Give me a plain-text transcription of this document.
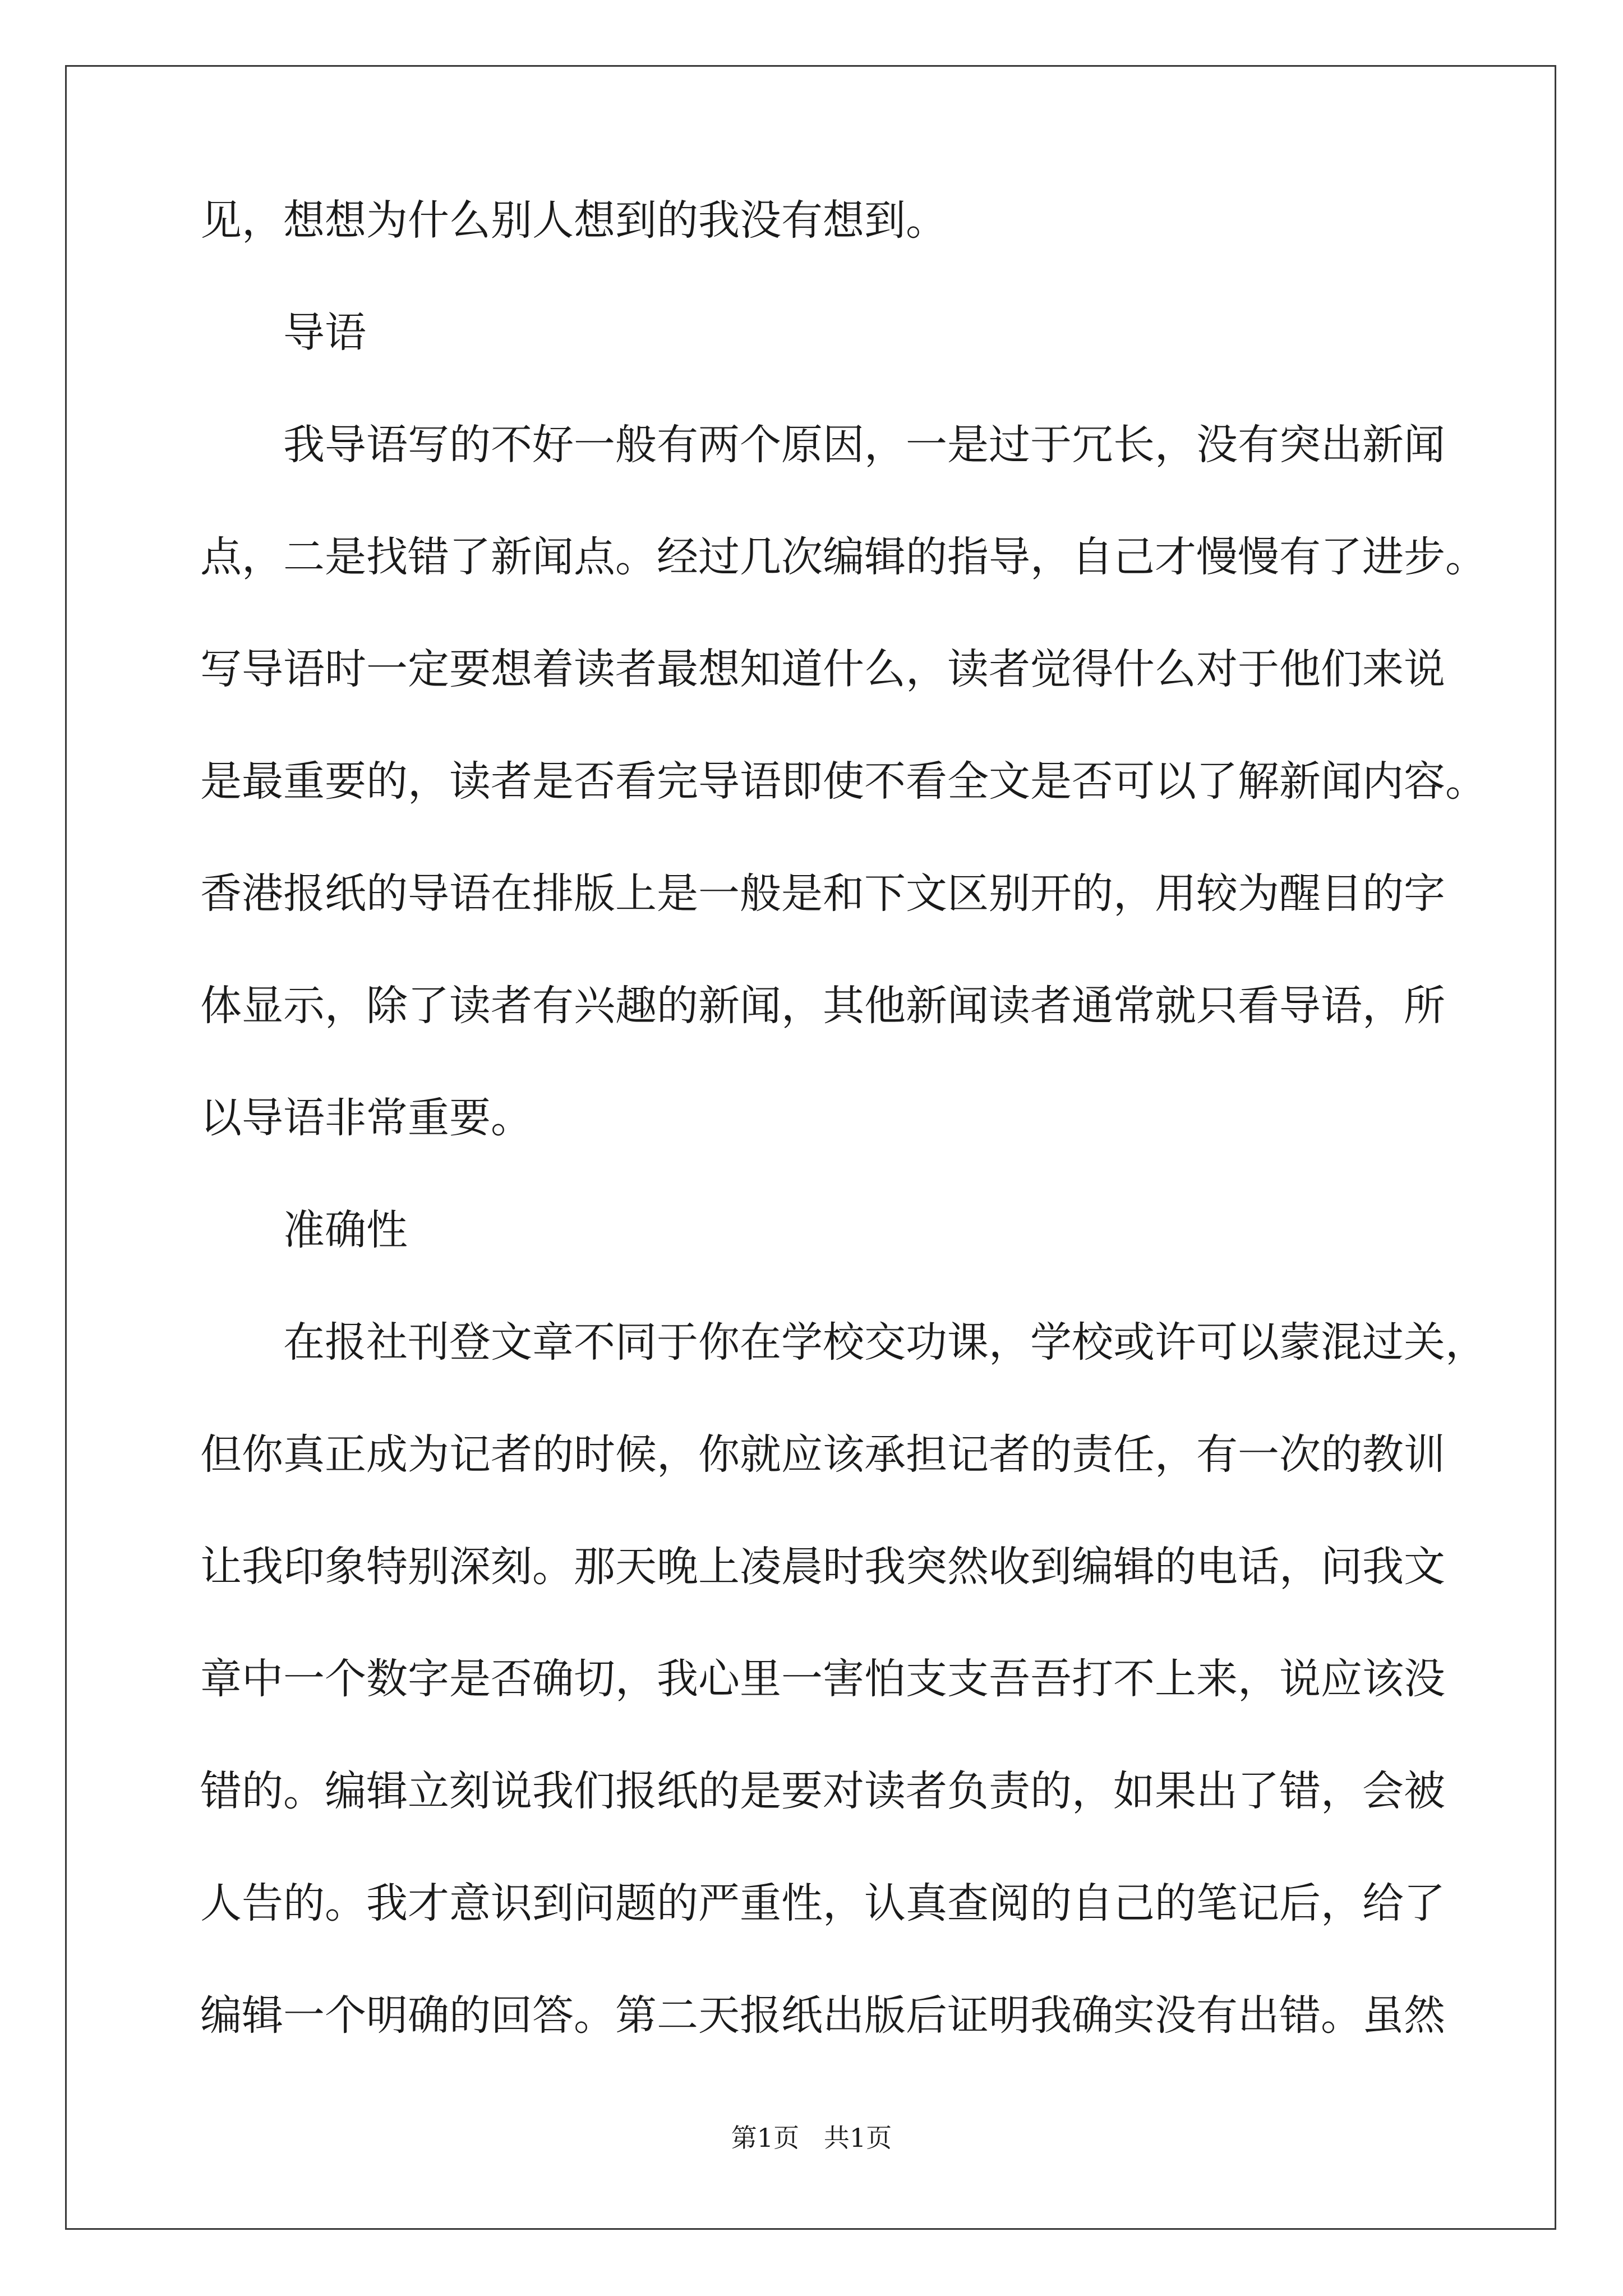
见，想想为什么别人想到的我没有想到。
导语
我导语写的不好一般有两个原因，一是过于冗长，没有突出新闻
点，二是找错了新闻点。经过几次编辑的指导，自己才慢慢有了进步。
写导语时一定要想着读者最想知道什么，读者觉得什么对于他们来说
是最重要的，读者是否看完导语即使不看全文是否可以了解新闻内容。
香港报纸的导语在排版上是一般是和下文区别开的，用较为醒目的字
体显示，除了读者有兴趣的新闻，其他新闻读者通常就只看导语，所
以导语非常重要。
准确性
在报社刊登文章不同于你在学校交功课，学校或许可以蒙混过关，
但你真正成为记者的时候，你就应该承担记者的责任，有一次的教训
让我印象特别深刻。那天晚上凌晨时我突然收到编辑的电话，问我文
章中一个数字是否确切，我心里一害怕支支吾吾打不上来，说应该没
错的。编辑立刻说我们报纸的是要对读者负责的，如果出了错，会被
人告的。我才意识到问题的严重性，认真查阅的自己的笔记后，给了
编辑一个明确的回答。第二天报纸出版后证明我确实没有出错。虽然
第1页   共1页
